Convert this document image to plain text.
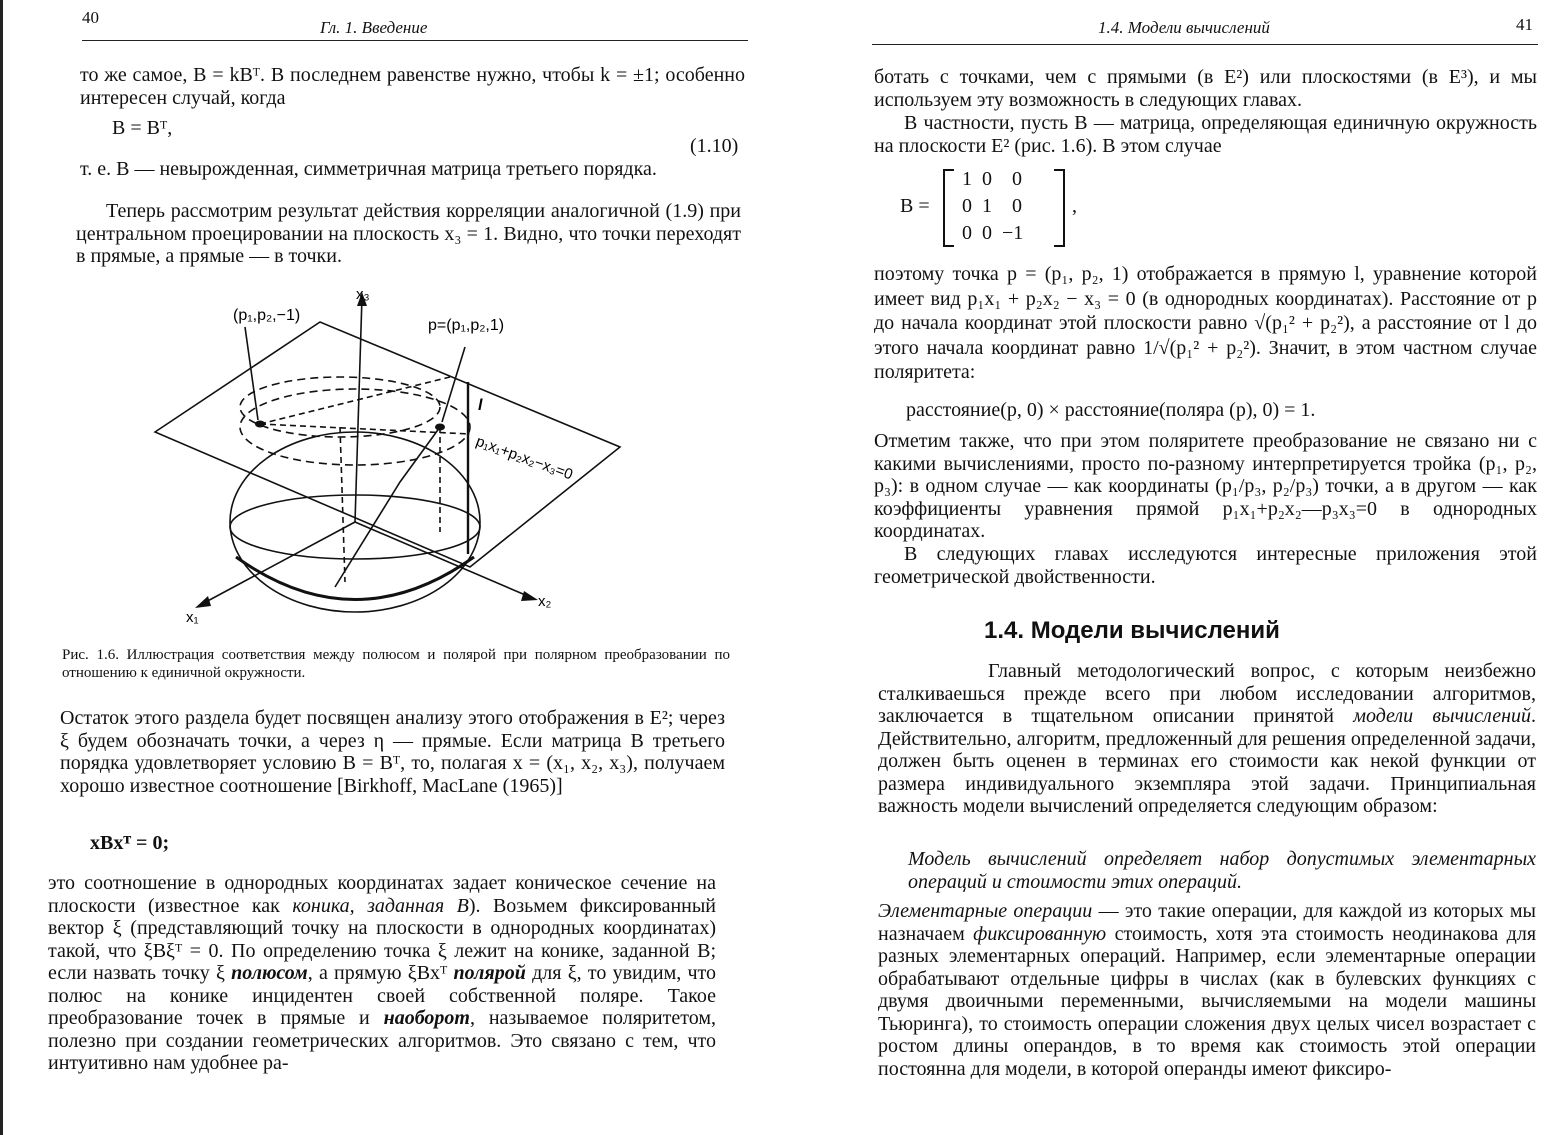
40
Гл. 1. Введение

то же самое, B = kBᵀ. В последнем равенстве нужно, чтобы k = ±1; особенно интересен случай, когда

B = Bᵀ,
(1.10)

т. е. B — невырожденная, симметричная матрица третьего порядка.

Теперь рассмотрим результат действия корреляции аналогичной (1.9) при центральном проецировании на плоскость x₃ = 1. Видно, что точки переходят в прямые, а прямые — в точки.

(p₁,p₂,−1)
x₃
p=(p₁,p₂,1)
l
p₁x₁+p₂x₂−x₃=0
x₁
x₂
Рис. 1.6. Иллюстрация соответствия между полюсом и полярой при полярном преобразовании по отношению к единичной окружности.

Остаток этого раздела будет посвящен анализу этого отображения в E²; через ξ будем обозначать точки, а через η — прямые. Если матрица B третьего порядка удовлетворяет условию B = Bᵀ, то, полагая x = (x₁, x₂, x₃), получаем хорошо известное соотношение [Birkhoff, MacLane (1965)]

xBxᵀ = 0;

это соотношение в однородных координатах задает коническое сечение на плоскости (известное как коника, заданная B). Возьмем фиксированный вектор ξ (представляющий точку на плоскости в однородных координатах) такой, что ξBξᵀ = 0. По определению точка ξ лежит на конике, заданной B; если назвать точку ξ полюсом, а прямую ξBxᵀ полярой для ξ, то увидим, что полюс на конике инцидентен своей собственной поляре. Такое преобразование точек в прямые и наоборот, называемое поляритетом, полезно при создании геометрических алгоритмов. Это связано с тем, что интуитивно нам удобнее ра-

1.4. Модели вычислений	41

ботать с точками, чем с прямыми (в E²) или плоскостями (в E³), и мы используем эту возможность в следующих главах.

В частности, пусть B — матрица, определяющая единичную окружность на плоскости E² (рис. 1.6). В этом случае

B =
1  0    0
0  1    0
0  0  −1
,

поэтому точка p = (p₁, p₂, 1) отображается в прямую l, уравнение которой имеет вид p₁x₁ + p₂x₂ − x₃ = 0 (в однородных координатах). Расстояние от p до начала координат этой плоскости равно √(p₁² + p₂²), а расстояние от l до этого начала координат равно 1/√(p₁² + p₂²). Значит, в этом частном случае поляритета:

расстояние(p, 0) × расстояние(поляра (p), 0) = 1.

Отметим также, что при этом поляритете преобразование не связано ни с какими вычислениями, просто по-разному интерпретируется тройка (p₁, p₂, p₃): в одном случае — как координаты (p₁/p₃, p₂/p₃) точки, а в другом — как коэффициенты уравнения прямой p₁x₁+p₂x₂—p₃x₃=0 в однородных координатах.

В следующих главах исследуются интересные приложения этой геометрической двойственности.

1.4. Модели вычислений

Главный методологический вопрос, с которым неизбежно сталкиваешься прежде всего при любом исследовании алгоритмов, заключается в тщательном описании принятой модели вычислений. Действительно, алгоритм, предложенный для решения определенной задачи, должен быть оценен в терминах его стоимости как некой функции от размера индивидуального экземпляра этой задачи. Принципиальная важность модели вычислений определяется следующим образом:

Модель вычислений определяет набор допустимых элементарных операций и стоимости этих операций.

Элементарные операции — это такие операции, для каждой из которых мы назначаем фиксированную стоимость, хотя эта стоимость неодинакова для разных элементарных операций. Например, если элементарные операции обрабатывают отдельные цифры в числах (как в булевских функциях с двумя двоичными переменными, вычисляемыми на модели машины Тьюринга), то стоимость операции сложения двух целых чисел возрастает с ростом длины операндов, в то время как стоимость этой операции постоянна для модели, в которой операнды имеют фиксиро-
